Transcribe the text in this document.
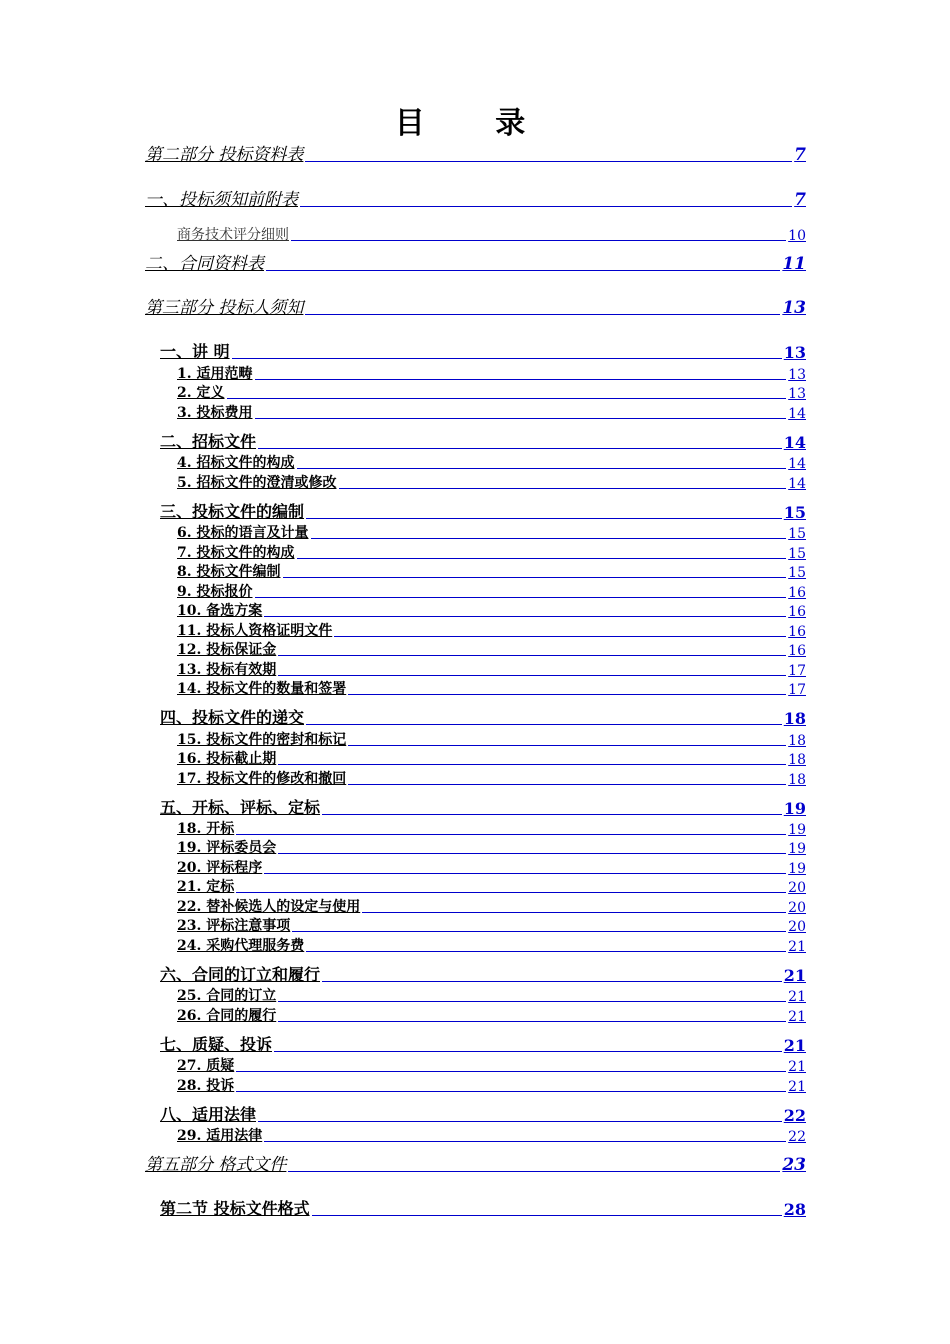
目 录
第二部分 投标资料表	7
一、投标须知前附表	7
商务技术评分细则	10
二、合同资料表	11
第三部分 投标人须知	13
一、讲 明	13
1. 适用范畴	13
2. 定义	13
3. 投标费用	14
二、招标文件	14
4. 招标文件的构成	14
5. 招标文件的澄清或修改	14
三、投标文件的编制	15
6. 投标的语言及计量	15
7. 投标文件的构成	15
8. 投标文件编制	15
9. 投标报价	16
10. 备选方案	16
11. 投标人资格证明文件	16
12. 投标保证金	16
13. 投标有效期	17
14. 投标文件的数量和签署	17
四、投标文件的递交	18
15. 投标文件的密封和标记	18
16. 投标截止期	18
17. 投标文件的修改和撤回	18
五、开标、评标、定标	19
18. 开标	19
19. 评标委员会	19
20. 评标程序	19
21. 定标	20
22. 替补候选人的设定与使用	20
23. 评标注意事项	20
24. 采购代理服务费	21
六、合同的订立和履行	21
25. 合同的订立	21
26. 合同的履行	21
七、质疑、投诉	21
27. 质疑	21
28. 投诉	21
八、适用法律	22
29. 适用法律	22
第五部分 格式文件	23
第二节 投标文件格式	28
